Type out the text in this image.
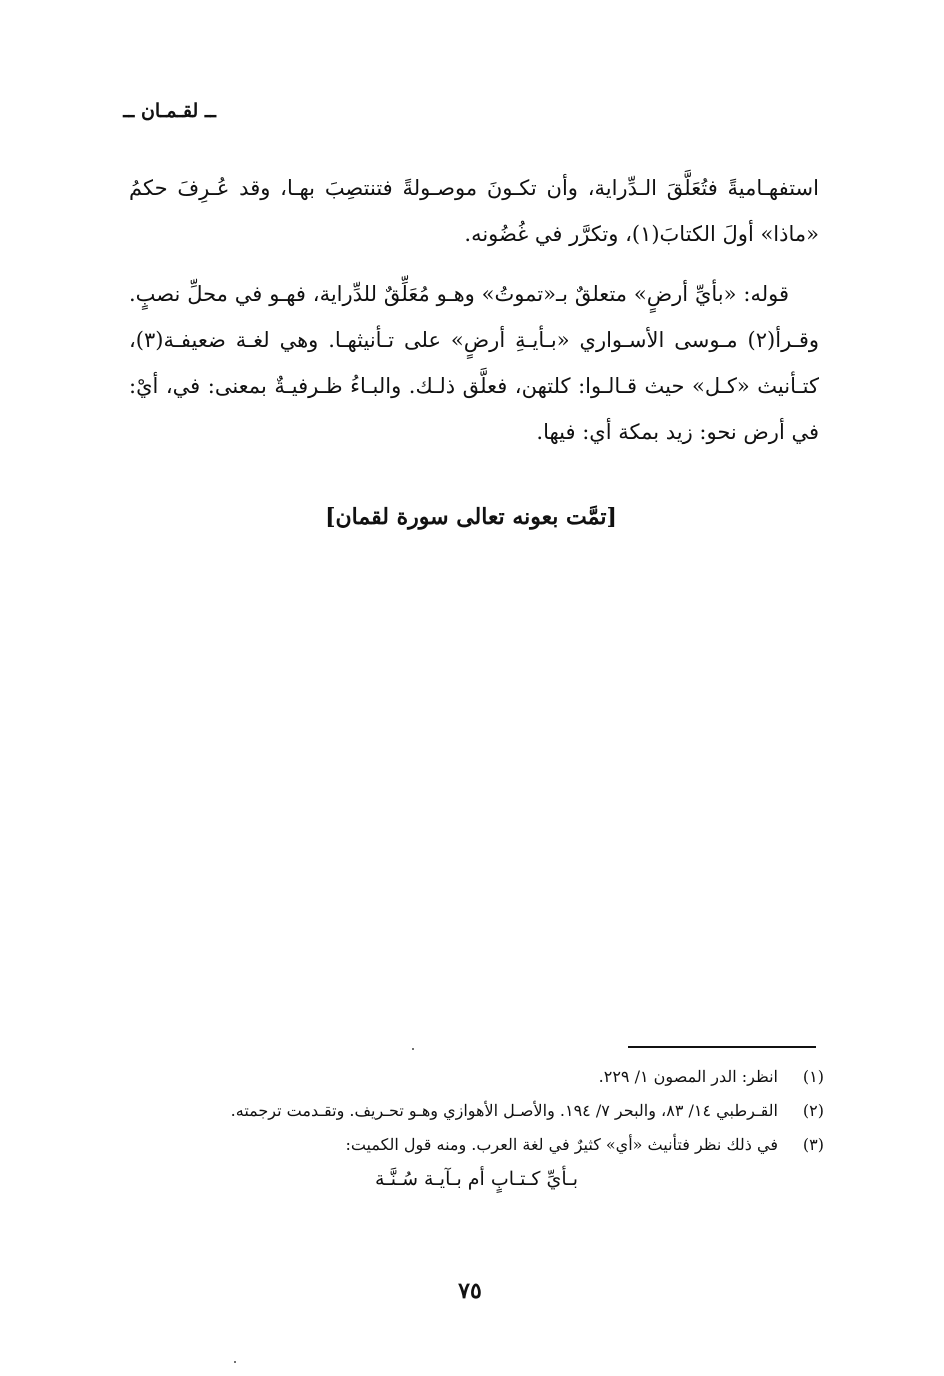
ــ لقـمـان ــ

استفهـاميةً فتُعَلَّقَ الـدِّراية، وأن تكـونَ موصـولةً فتنتصِبَ بهـا، وقد عُـرِفَ حكمُ «ماذا» أولَ الكتابَ(١)، وتكرَّر في غُضُونه.

قوله: «بأيِّ أرضٍ» متعلقٌ بـ«تموتُ» وهـو مُعَلِّقٌ للدِّراية، فهـو في محلِّ نصبٍ. وقـرأ(٢) مـوسى الأسـواري «بـأيـةِ أرضٍ» على تـأنيثهـا. وهي لغـة ضعيفـة(٣)، كتـأنيث «كـل» حيث قـالـوا: كلتهن، فعلَّق ذلـك. والبـاءُ ظـرفيـةٌ بمعنى: في، أيْ: في أرض نحو: زيد بمكة أي: فيها.

[تمَّت بعونه تعالى سورة لقمان]
(١)
انظر: الدر المصون ١/ ٢٢٩.
(٢)
القـرطبي ١٤/ ٨٣، والبحر ٧/ ١٩٤. والأصـل الأهوازي وهـو تحـريف. وتقـدمت ترجمته.
(٣)
في ذلك نظر فتأنيث «أي» كثيرٌ في لغة العرب. ومنه قول الكميت:
بـأيِّ كـتـابٍ أم بـآيـة سُـنَّـة
٧٥
